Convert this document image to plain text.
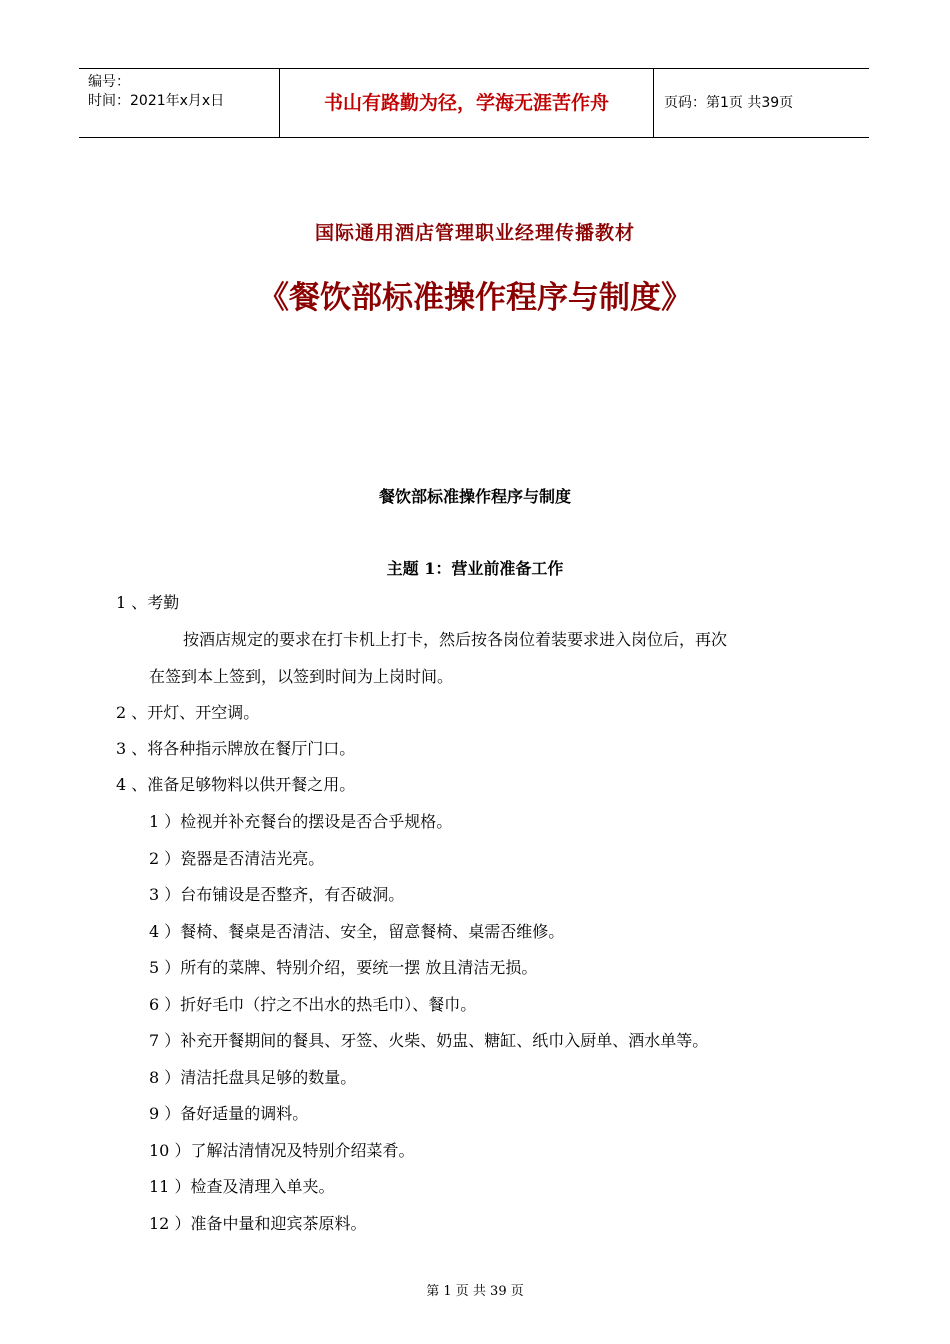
编号：
时间：2021年x月x日	书山有路勤为径，学海无涯苦作舟	页码：第1页 共39页
国际通用酒店管理职业经理传播教材
《餐饮部标准操作程序与制度》
餐饮部标准操作程序与制度
主题 1：营业前准备工作
1 、考勤
按酒店规定的要求在打卡机上打卡，然后按各岗位着装要求进入岗位后，再次
在签到本上签到，以签到时间为上岗时间。
2 、开灯、开空调。
3 、将各种指示牌放在餐厅门口。
4 、准备足够物料以供开餐之用。
1 ）检视并补充餐台的摆设是否合乎规格。
2 ）瓷器是否清洁光亮。
3 ）台布铺设是否整齐，有否破洞。
4 ）餐椅、餐桌是否清洁、安全，留意餐椅、桌需否维修。
5 ）所有的菜牌、特别介绍，要统一摆 放且清洁无损。
6 ）折好毛巾（拧之不出水的热毛巾）、餐巾。
7 ）补充开餐期间的餐具、牙签、火柴、奶盅、糖缸、纸巾入厨单、酒水单等。
8 ）清洁托盘具足够的数量。
9 ）备好适量的调料。
10 ）了解沽清情况及特别介绍菜肴。
11 ）检查及清理入单夹。
12 ）准备中量和迎宾茶原料。
第 1 页 共 39 页
